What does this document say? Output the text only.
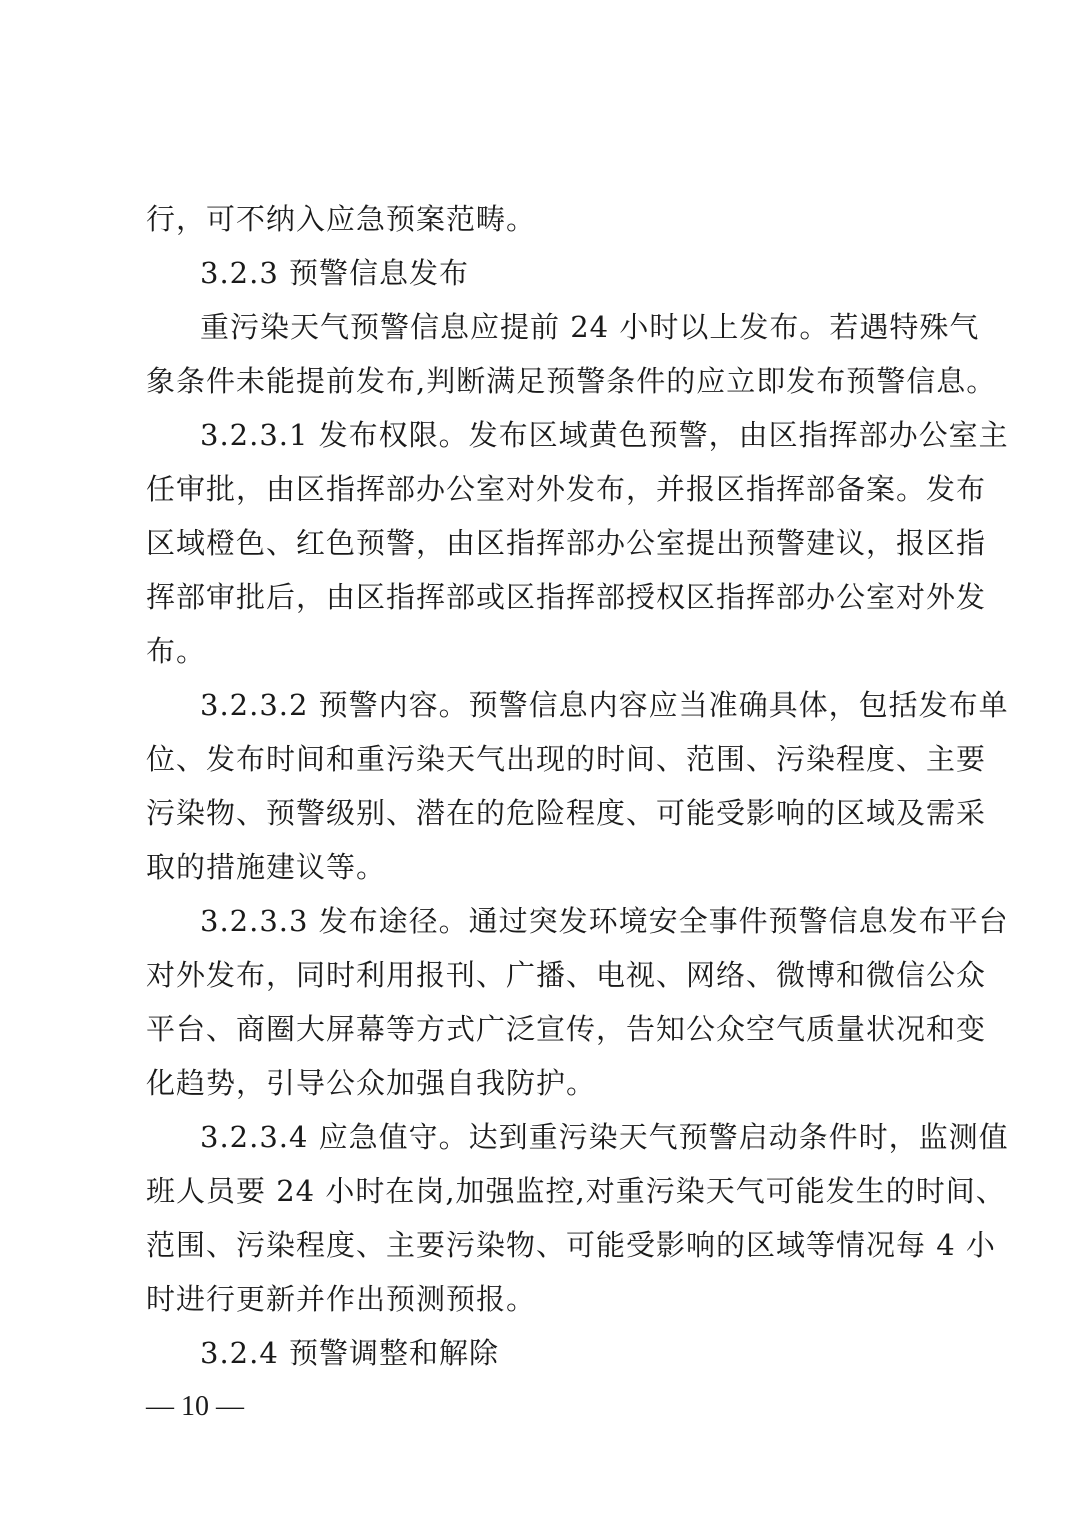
行，可不纳入应急预案范畴。
3.2.3 预警信息发布
重污染天气预警信息应提前 24 小时以上发布。若遇特殊气
象条件未能提前发布,判断满足预警条件的应立即发布预警信息。
3.2.3.1 发布权限。发布区域黄色预警，由区指挥部办公室主
任审批，由区指挥部办公室对外发布，并报区指挥部备案。发布
区域橙色、红色预警，由区指挥部办公室提出预警建议，报区指
挥部审批后，由区指挥部或区指挥部授权区指挥部办公室对外发
布。
3.2.3.2 预警内容。预警信息内容应当准确具体，包括发布单
位、发布时间和重污染天气出现的时间、范围、污染程度、主要
污染物、预警级别、潜在的危险程度、可能受影响的区域及需采
取的措施建议等。
3.2.3.3 发布途径。通过突发环境安全事件预警信息发布平台
对外发布，同时利用报刊、广播、电视、网络、微博和微信公众
平台、商圈大屏幕等方式广泛宣传，告知公众空气质量状况和变
化趋势，引导公众加强自我防护。
3.2.3.4 应急值守。达到重污染天气预警启动条件时，监测值
班人员要 24 小时在岗,加强监控,对重污染天气可能发生的时间、
范围、污染程度、主要污染物、可能受影响的区域等情况每 4 小
时进行更新并作出预测预报。
3.2.4 预警调整和解除
— 10 —
